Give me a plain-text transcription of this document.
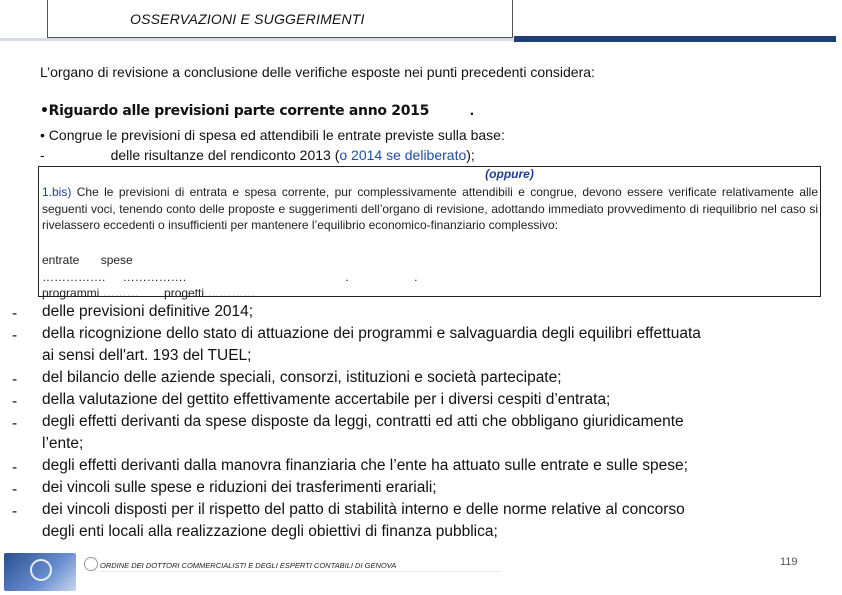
OSSERVAZIONI E SUGGERIMENTI
L’organo di revisione a conclusione delle verifiche esposte nei punti precedenti considera:
•Riguardo alle previsioni parte corrente anno 2015	.
• Congrue le previsioni di spesa ed attendibili le entrate previste sulla base:
-	delle risultanze del rendiconto 2013 (o 2014 se deliberato);
(oppure)
1.bis) Che le previsioni di entrata e spesa corrente, pur complessivamente attendibili e congrue, devono essere verificate relativamente alle seguenti voci, tenendo conto delle proposte e suggerimenti dell’organo di revisione, adottando immediato provvedimento di riequilibrio nel caso si rivelassero eccedenti o insufficienti per mantenere l’equilibrio economico-finanziario complessivo:
entrate spese
……………. …………….	.	.
programmi ……… progetti …………
- delle previsioni definitive 2014;
- della ricognizione dello stato di attuazione dei programmi e salvaguardia degli equilibri effettuata
ai sensi dell'art. 193 del TUEL;
- del bilancio delle aziende speciali, consorzi, istituzioni e società partecipate;
- della valutazione del gettito effettivamente accertabile per i diversi cespiti d’entrata;
- degli effetti derivanti da spese disposte da leggi, contratti ed atti che obbligano giuridicamente
l’ente;
- degli effetti derivanti dalla manovra finanziaria che l’ente ha attuato sulle entrate e sulle spese;
- dei vincoli sulle spese e riduzioni dei trasferimenti erariali;
- dei vincoli disposti per il rispetto del patto di stabilità interno e delle norme relative al concorso
degli enti locali alla realizzazione degli obiettivi di finanza pubblica;
ORDINE DEI DOTTORI COMMERCIALISTI E DEGLI ESPERTI CONTABILI DI GENOVA	119
